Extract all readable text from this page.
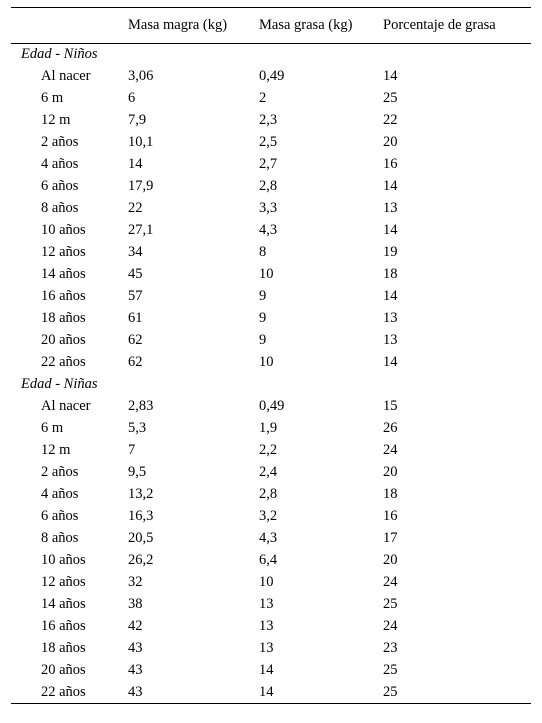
	Masa magra (kg)	Masa grasa (kg)	Porcentaje de grasa
Edad - Niños			
Al nacer	3,06	0,49	14
6 m	6	2	25
12 m	7,9	2,3	22
2 años	10,1	2,5	20
4 años	14	2,7	16
6 años	17,9	2,8	14
8 años	22	3,3	13
10 años	27,1	4,3	14
12 años	34	8	19
14 años	45	10	18
16 años	57	9	14
18 años	61	9	13
20 años	62	9	13
22 años	62	10	14
Edad - Niñas			
Al nacer	2,83	0,49	15
6 m	5,3	1,9	26
12 m	7	2,2	24
2 años	9,5	2,4	20
4 años	13,2	2,8	18
6 años	16,3	3,2	16
8 años	20,5	4,3	17
10 años	26,2	6,4	20
12 años	32	10	24
14 años	38	13	25
16 años	42	13	24
18 años	43	13	23
20 años	43	14	25
22 años	43	14	25
